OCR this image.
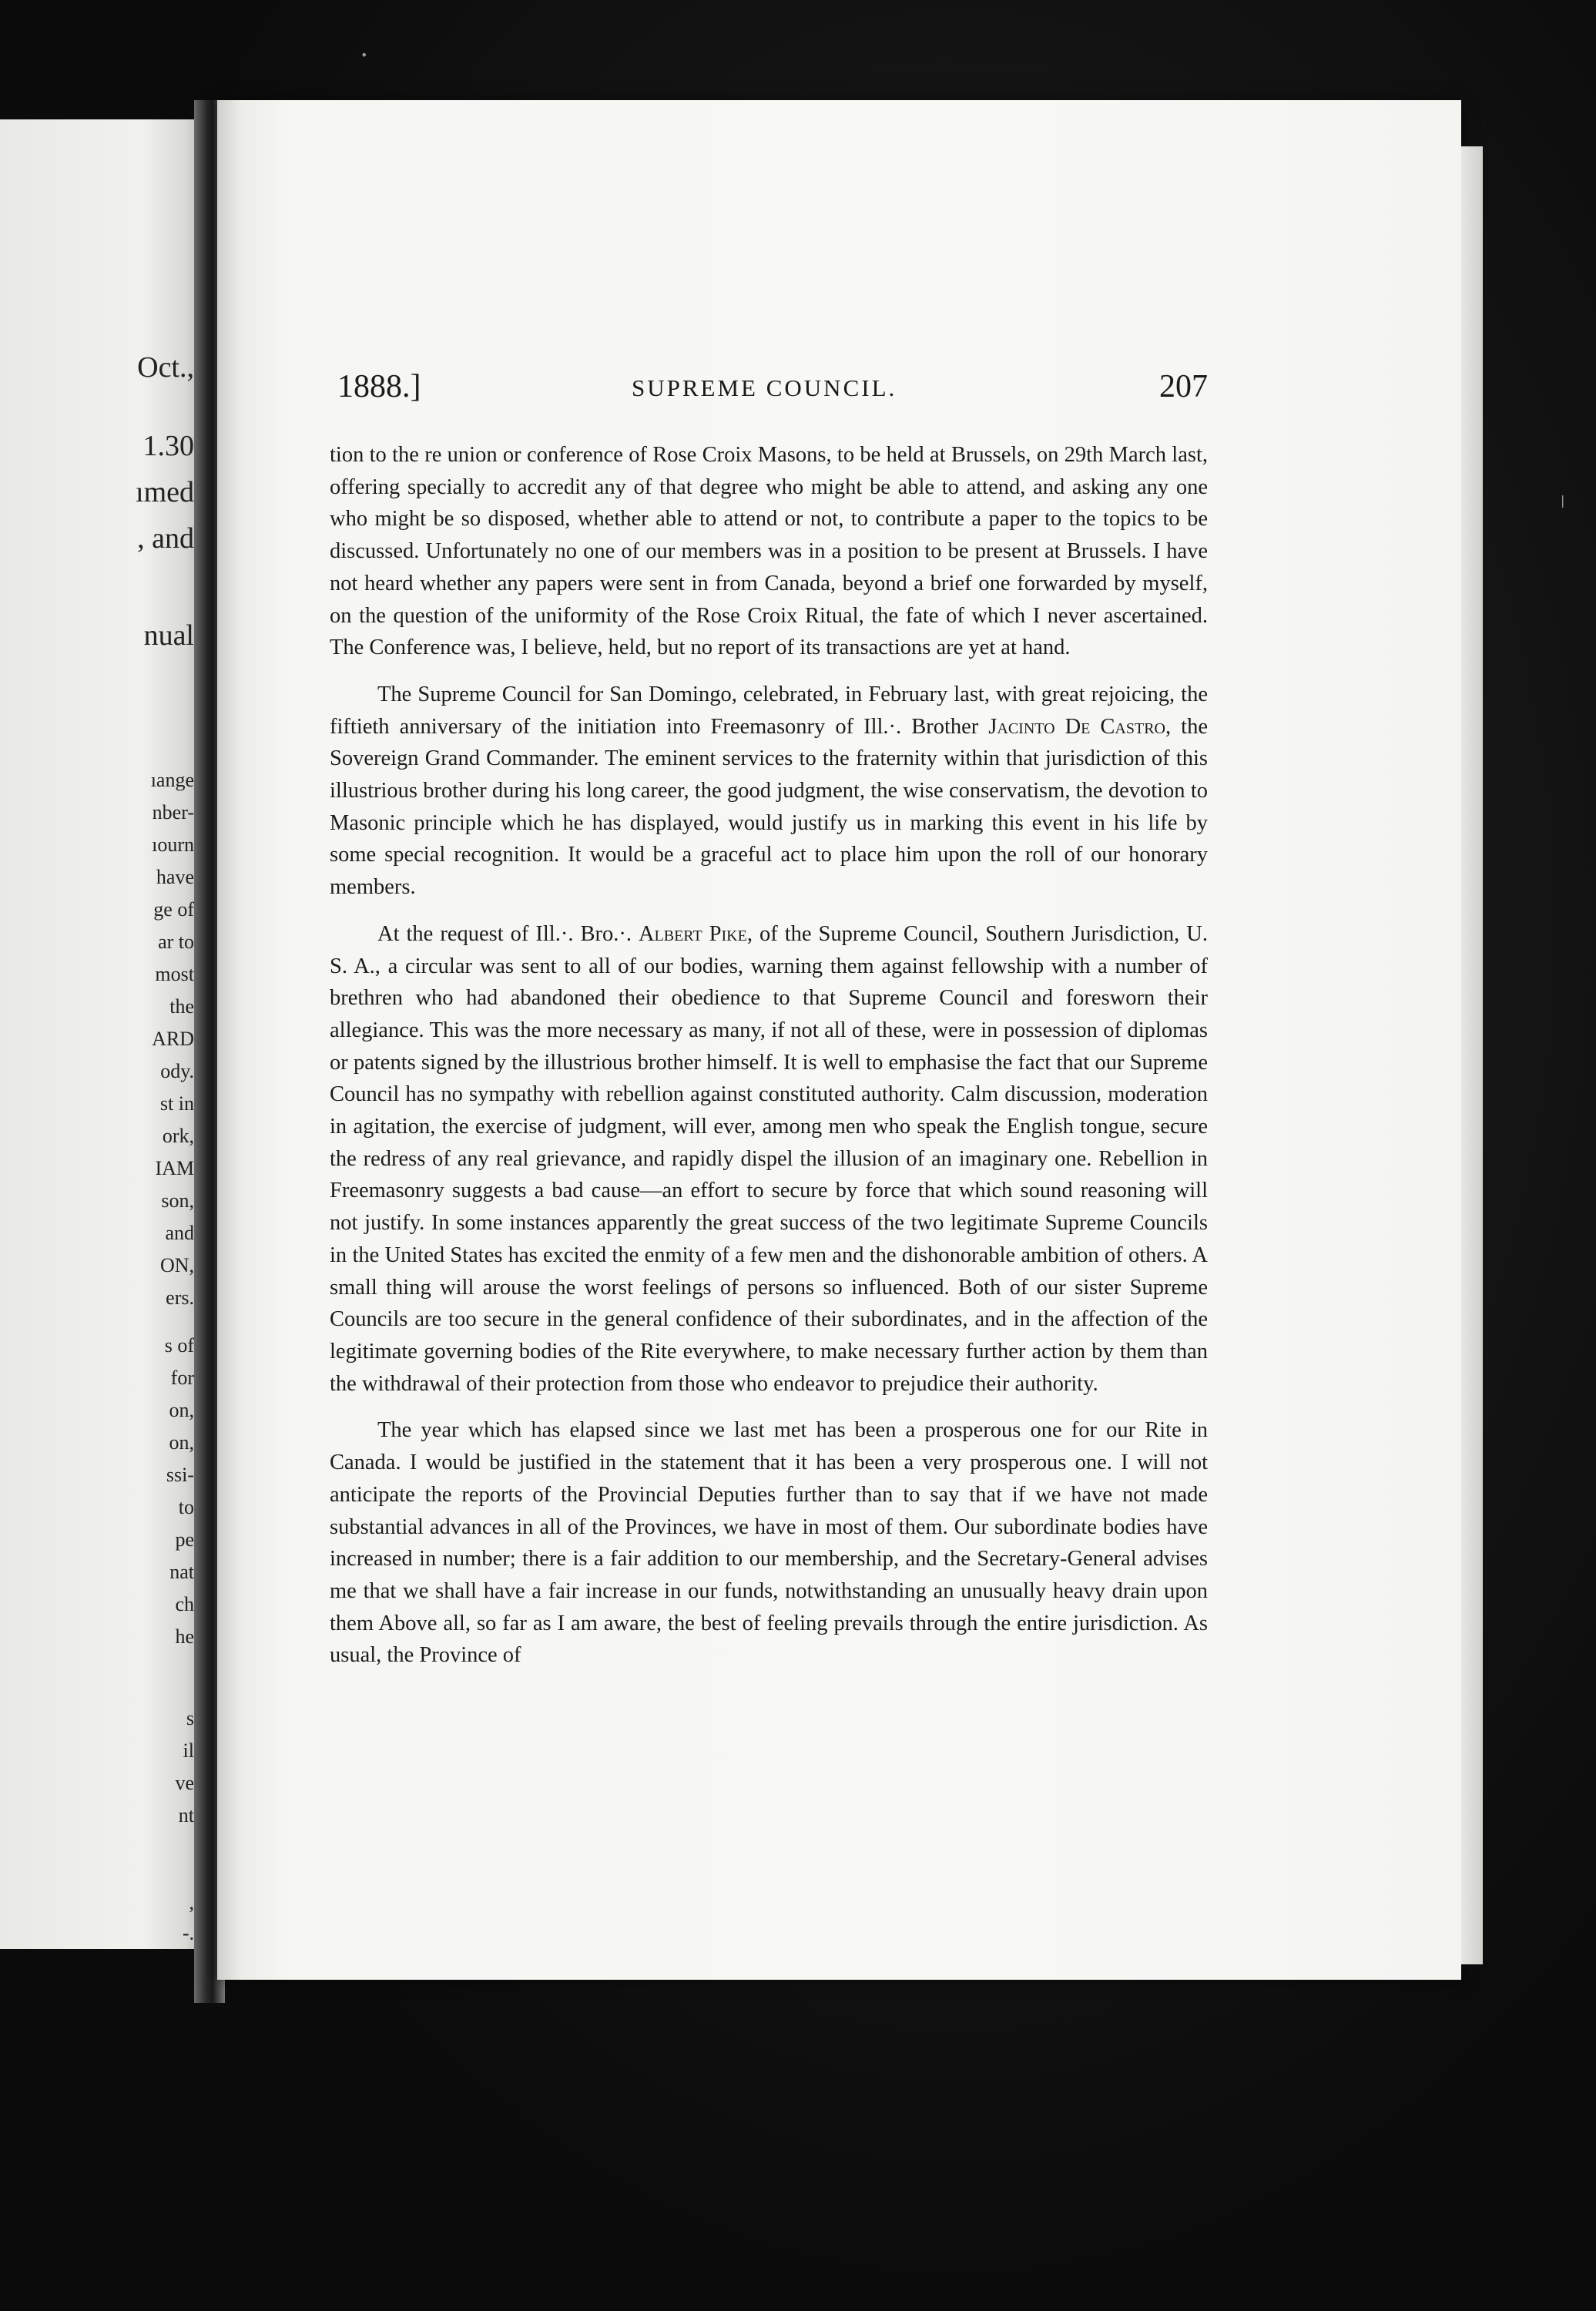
•
|
Oct.,
1.30
ımed
, and
nual
ıange
nber-
ıourn
have
ge of
ar to
most
the
ARD
ody.
st in
ork,
IAM
son,
and
ON,
ers.
s of
for
on,
on,
ssi-
to
pe
nat
ch
he
s
il
ve
nt
,
-.
1888.]	SUPREME COUNCIL.	207

tion to the re union or conference of Rose Croix Masons, to be held at Brussels, on 29th March last, offering specially to accredit any of that degree who might be able to attend, and asking any one who might be so disposed, whether able to attend or not, to contribute a paper to the topics to be discussed. Unfortunately no one of our members was in a position to be present at Brussels. I have not heard whether any papers were sent in from Canada, beyond a brief one forwarded by myself, on the question of the uniformity of the Rose Croix Ritual, the fate of which I never ascertained. The Conference was, I believe, held, but no report of its transactions are yet at hand.

The Supreme Council for San Domingo, celebrated, in February last, with great rejoicing, the fiftieth anniversary of the initiation into Freemasonry of Ill.·. Brother Jacinto De Castro, the Sovereign Grand Commander. The eminent services to the fraternity within that jurisdiction of this illustrious brother during his long career, the good judgment, the wise conservatism, the devotion to Masonic principle which he has displayed, would justify us in marking this event in his life by some special recognition. It would be a graceful act to place him upon the roll of our honorary members.

At the request of Ill.·. Bro.·. Albert Pike, of the Supreme Council, Southern Jurisdiction, U. S. A., a circular was sent to all of our bodies, warning them against fellowship with a number of brethren who had abandoned their obedience to that Supreme Council and foresworn their allegiance. This was the more necessary as many, if not all of these, were in possession of diplomas or patents signed by the illustrious brother himself. It is well to emphasise the fact that our Supreme Council has no sympathy with rebellion against constituted authority. Calm discussion, moderation in agitation, the exercise of judgment, will ever, among men who speak the English tongue, secure the redress of any real grievance, and rapidly dispel the illusion of an imaginary one. Rebellion in Freemasonry suggests a bad cause—an effort to secure by force that which sound reasoning will not justify. In some instances apparently the great success of the two legitimate Supreme Councils in the United States has excited the enmity of a few men and the dishonorable ambition of others. A small thing will arouse the worst feelings of persons so influenced. Both of our sister Supreme Councils are too secure in the general confidence of their subordinates, and in the affection of the legitimate governing bodies of the Rite everywhere, to make necessary further action by them than the withdrawal of their protection from those who endeavor to prejudice their authority.

The year which has elapsed since we last met has been a prosperous one for our Rite in Canada. I would be justified in the statement that it has been a very prosperous one. I will not anticipate the reports of the Provincial Deputies further than to say that if we have not made substantial advances in all of the Provinces, we have in most of them. Our subordinate bodies have increased in number; there is a fair addition to our membership, and the Secretary-General advises me that we shall have a fair increase in our funds, notwithstanding an unusually heavy drain upon them Above all, so far as I am aware, the best of feeling prevails through the entire jurisdiction. As usual, the Province of
